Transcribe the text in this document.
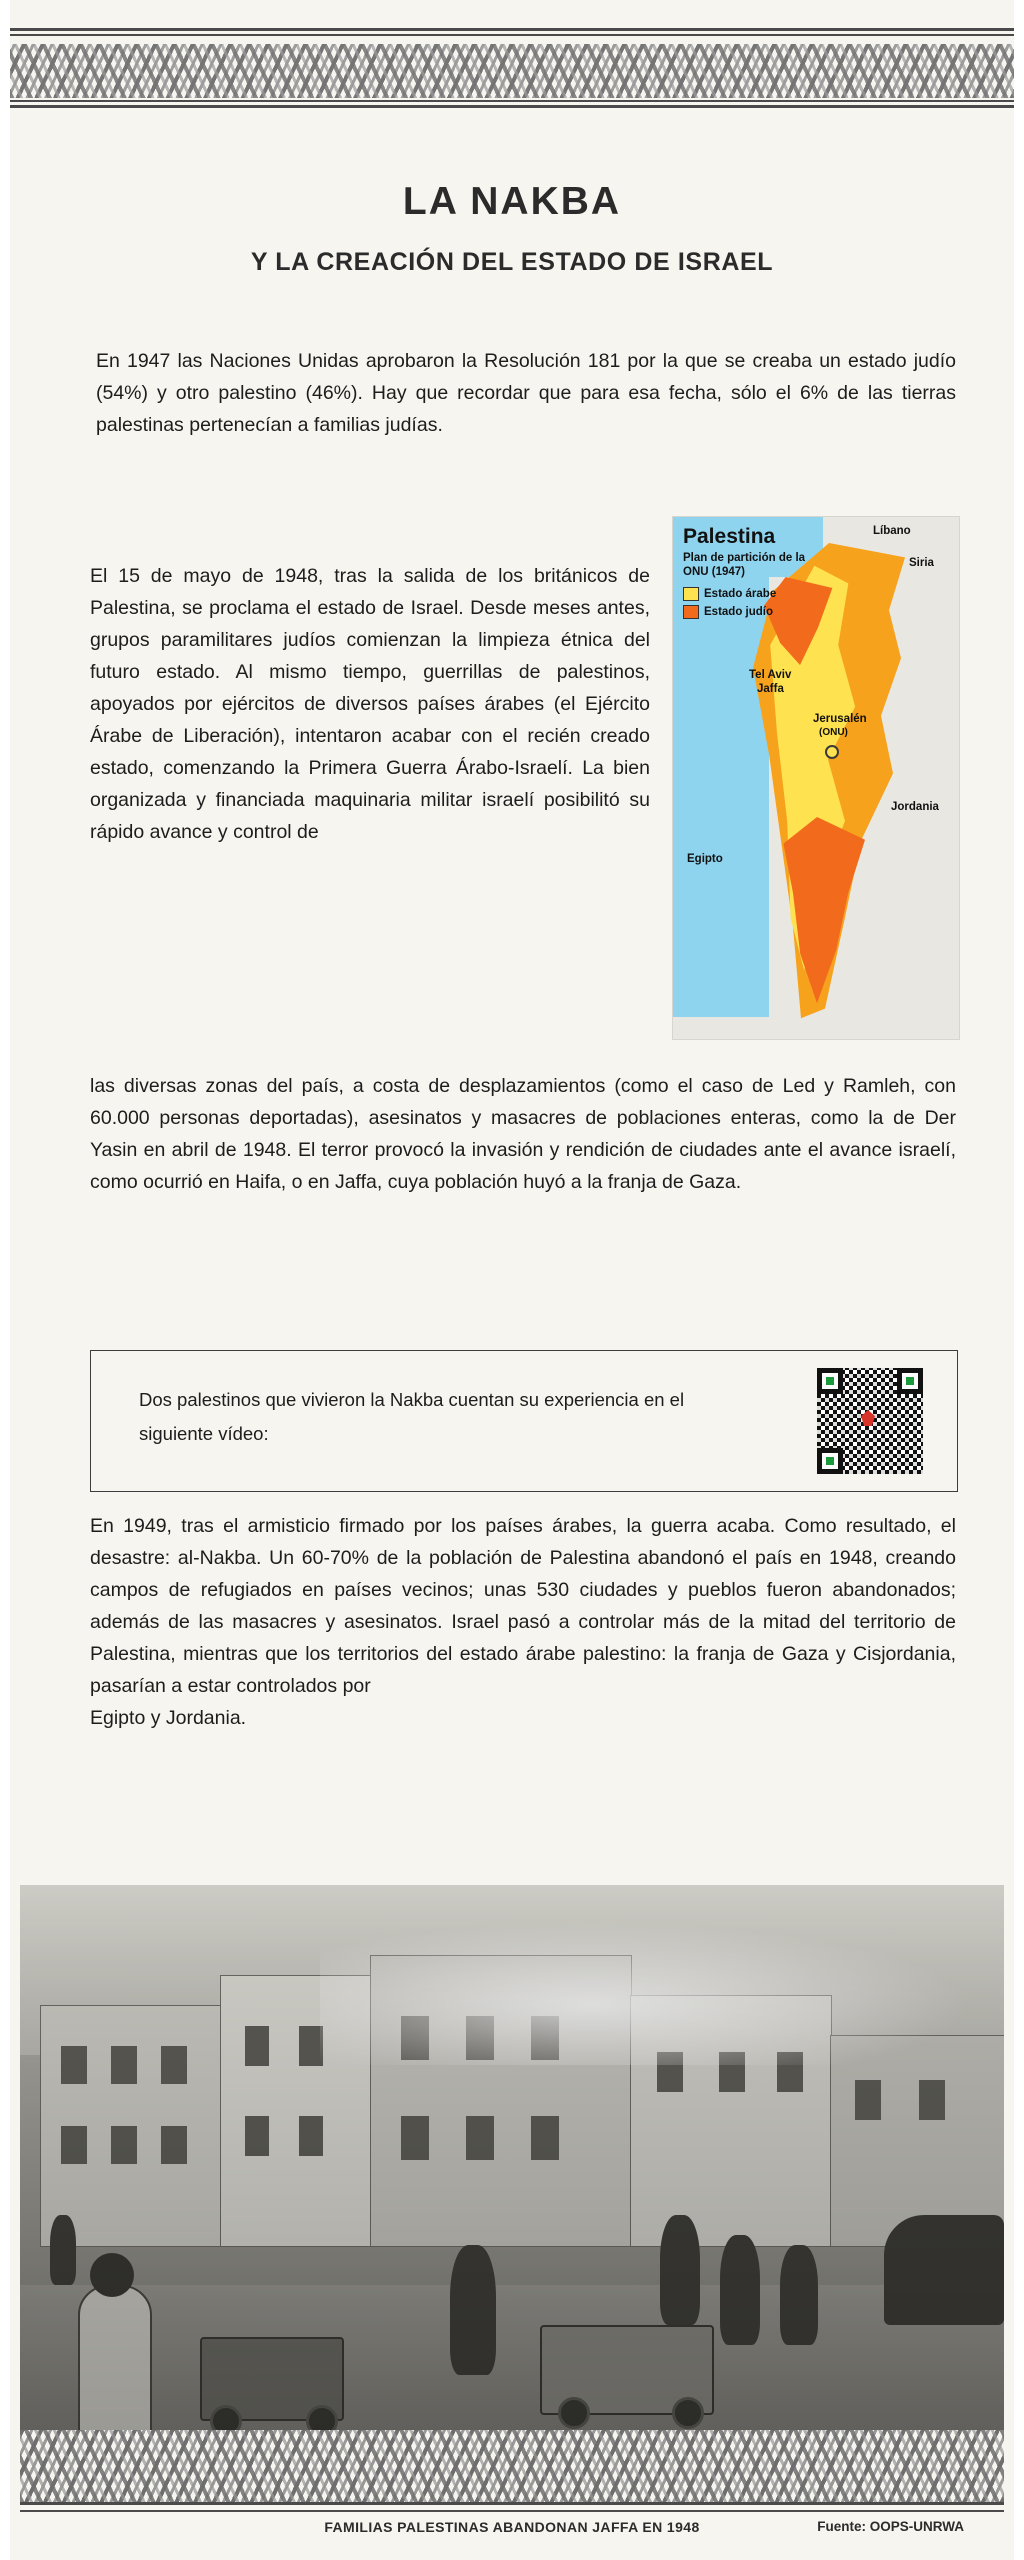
LA NAKBA
Y LA CREACIÓN DEL ESTADO DE ISRAEL
En 1947 las Naciones Unidas aprobaron la Resolución 181 por la que se creaba un estado judío (54%) y otro palestino (46%). Hay que recordar que para esa fecha, sólo el 6% de las tierras palestinas pertenecían a familias judías.
El 15 de mayo de 1948, tras la salida de los británicos de Palestina, se proclama el estado de Israel. Desde meses antes, grupos paramilitares judíos comienzan la limpieza étnica del futuro estado. Al mismo tiempo, guerrillas de palestinos, apoyados por ejércitos de diversos países árabes (el Ejército Árabe de Liberación), intentaron acabar con el recién creado estado, comenzando la Primera Guerra Árabo-Israelí. La bien organizada y financiada maquinaria militar israelí posibilitó su rápido avance y control de
las diversas zonas del país, a costa de desplazamientos (como el caso de Led y Ramleh, con 60.000 personas deportadas), asesinatos y masacres de poblaciones enteras, como la de Der Yasin en abril de 1948. El terror provocó la invasión y rendición de ciudades ante el avance israelí, como ocurrió en Haifa, o en Jaffa, cuya población huyó a la franja de Gaza.
En 1949, tras el armisticio firmado por los países árabes, la guerra acaba. Como resultado, el desastre: al-Nakba. Un 60-70% de la población de Palestina abandonó el país en 1948, creando campos de refugiados en países vecinos; unas 530 ciudades y pueblos fueron abandonados; además de las masacres y asesinatos. Israel pasó a controlar más de la mitad del territorio de Palestina, mientras que los territorios del estado árabe palestino: la franja de Gaza y Cisjordania, pasarían a estar controlados por
Egipto y Jordania.
Palestina
Plan de partición de la ONU (1947)
Estado árabe
Estado judío
Líbano
Siria
Tel Aviv
Jaffa
Jerusalén
(ONU)
Jordania
Egipto
Dos palestinos que vivieron la Nakba cuentan su experiencia en el siguiente vídeo:
FAMILIAS PALESTINAS ABANDONAN JAFFA EN 1948	Fuente: OOPS-UNRWA
